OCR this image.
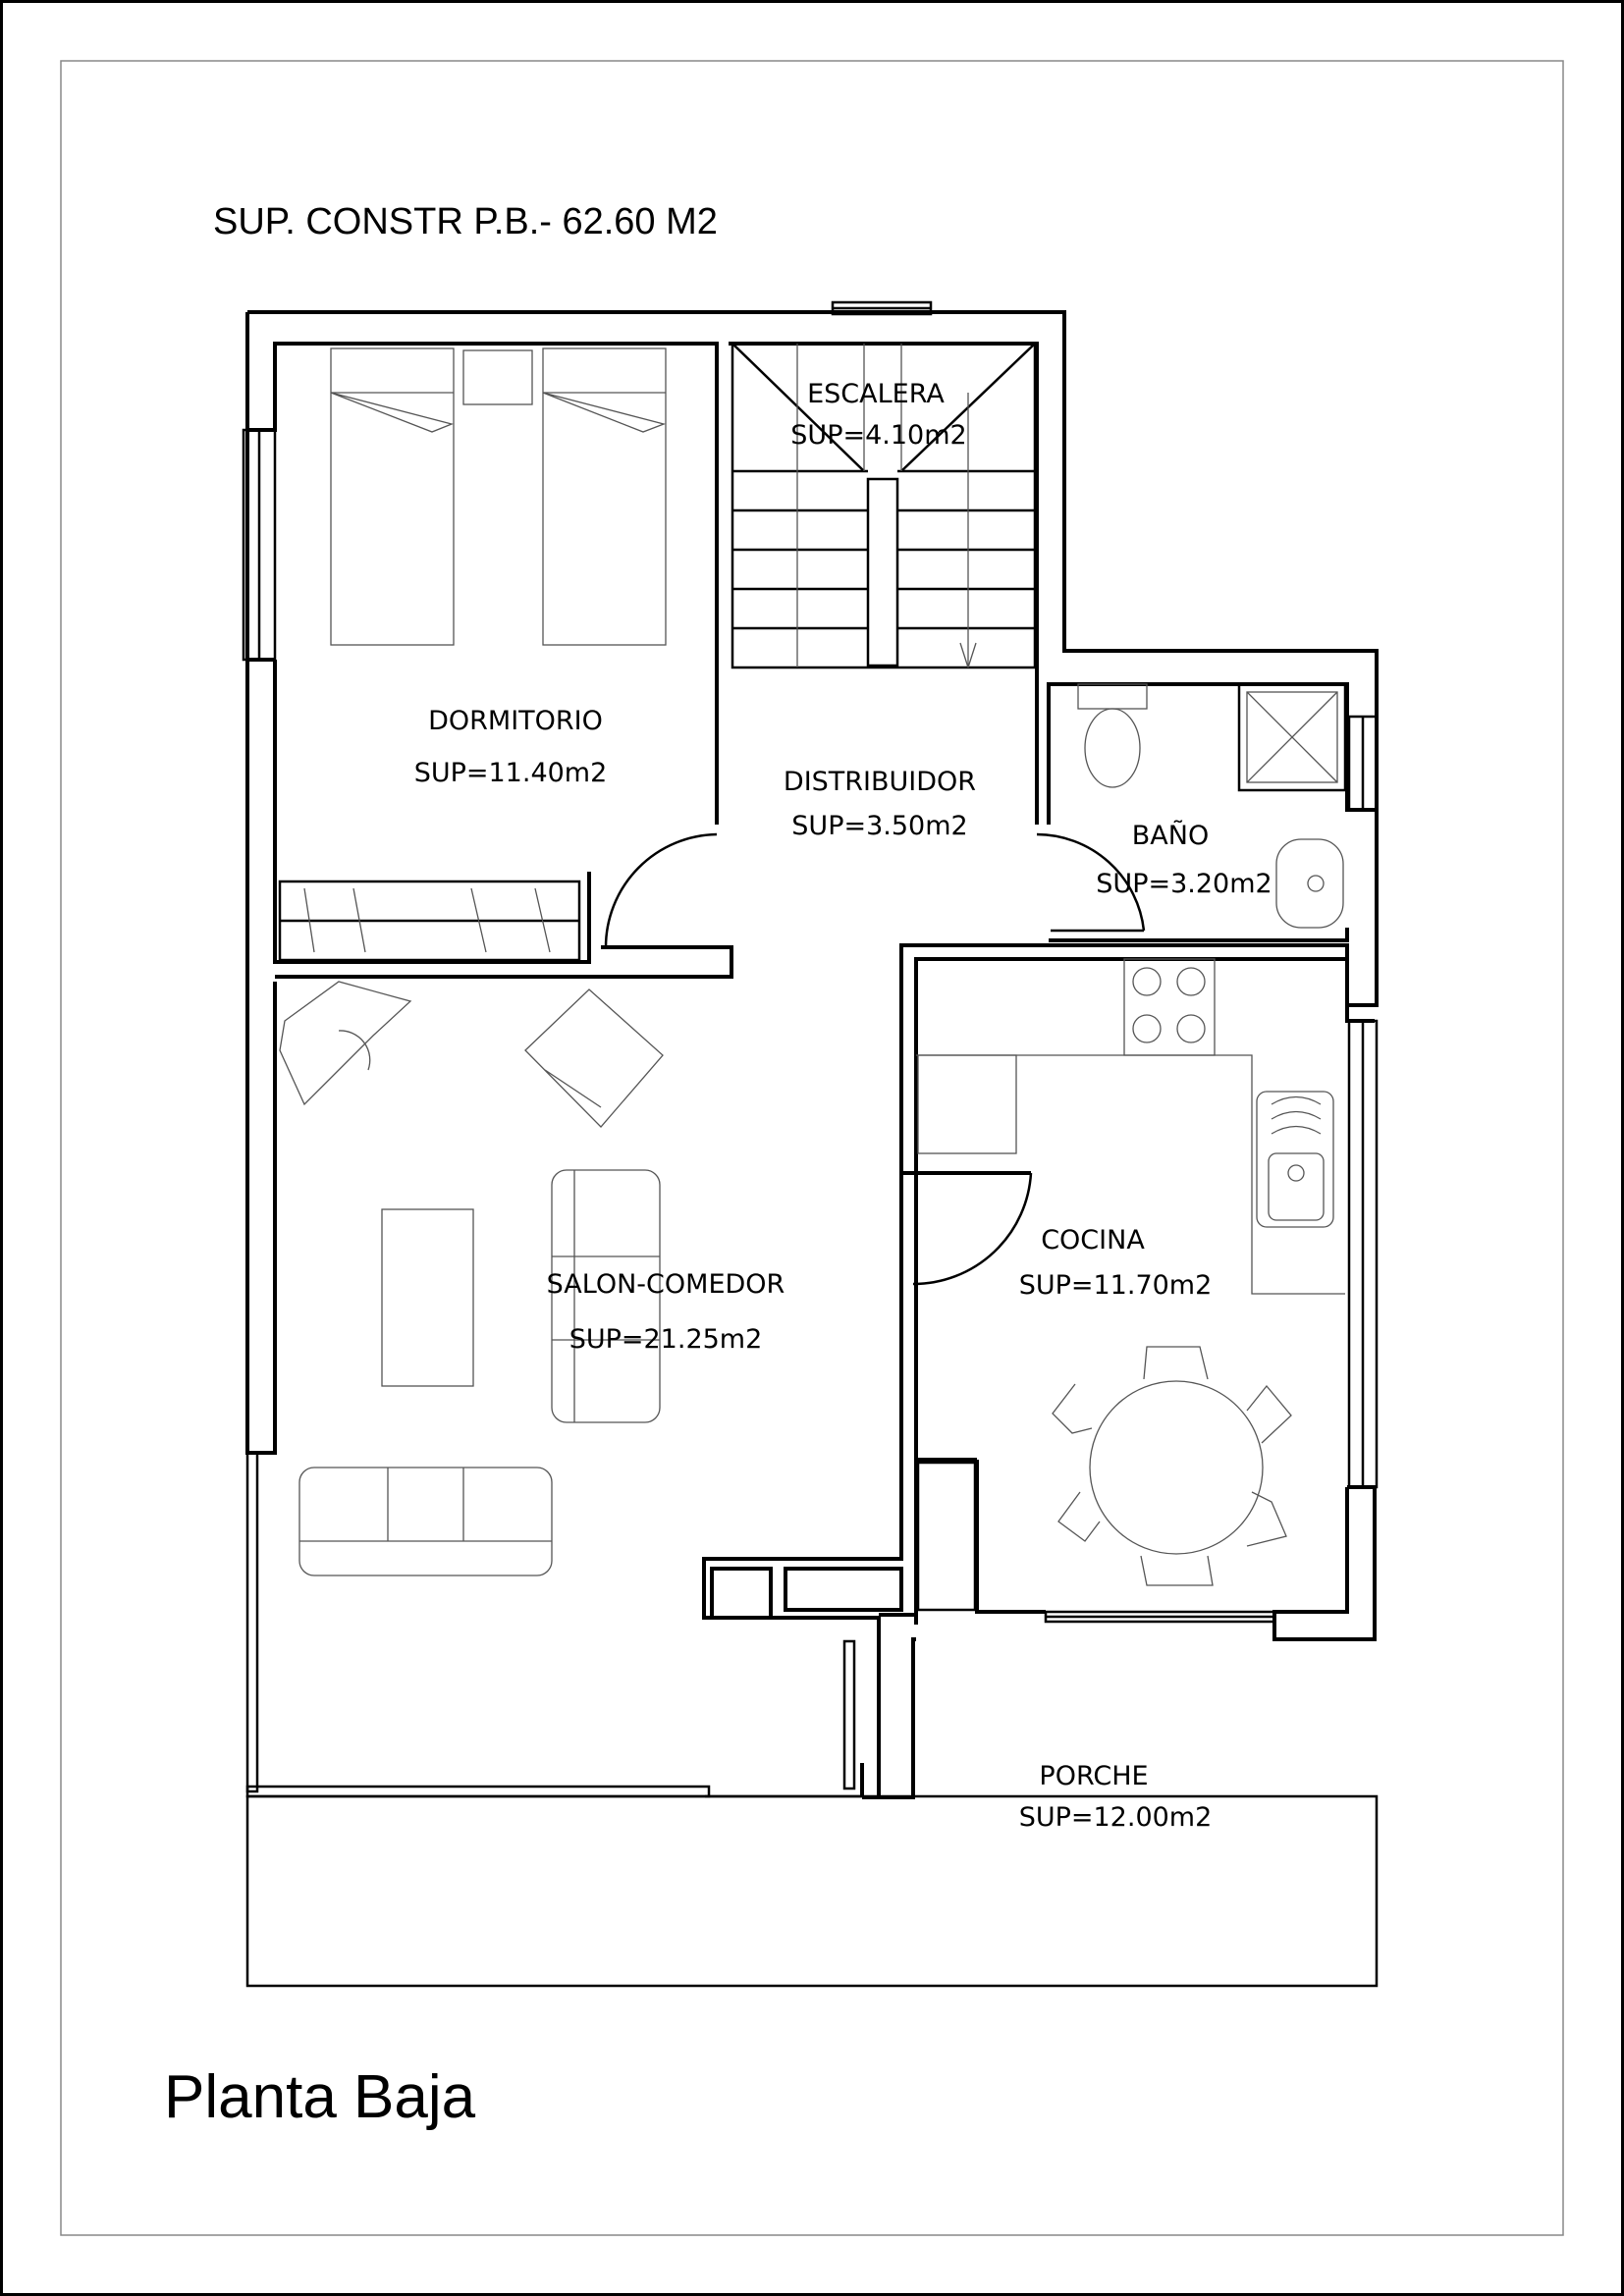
SUP. CONSTR P.B.- 62.60 M2
Planta Baja
ESCALERA
SUP=4.10m2
DORMITORIO
SUP=11.40m2	DISTRIBUIDOR
SUP=3.50m2	BAÑO
SUP=3.20m2
COCINA
SUP=11.70m2
SALON-COMEDOR
SUP=21.25m2
PORCHE
SUP=12.00m2
